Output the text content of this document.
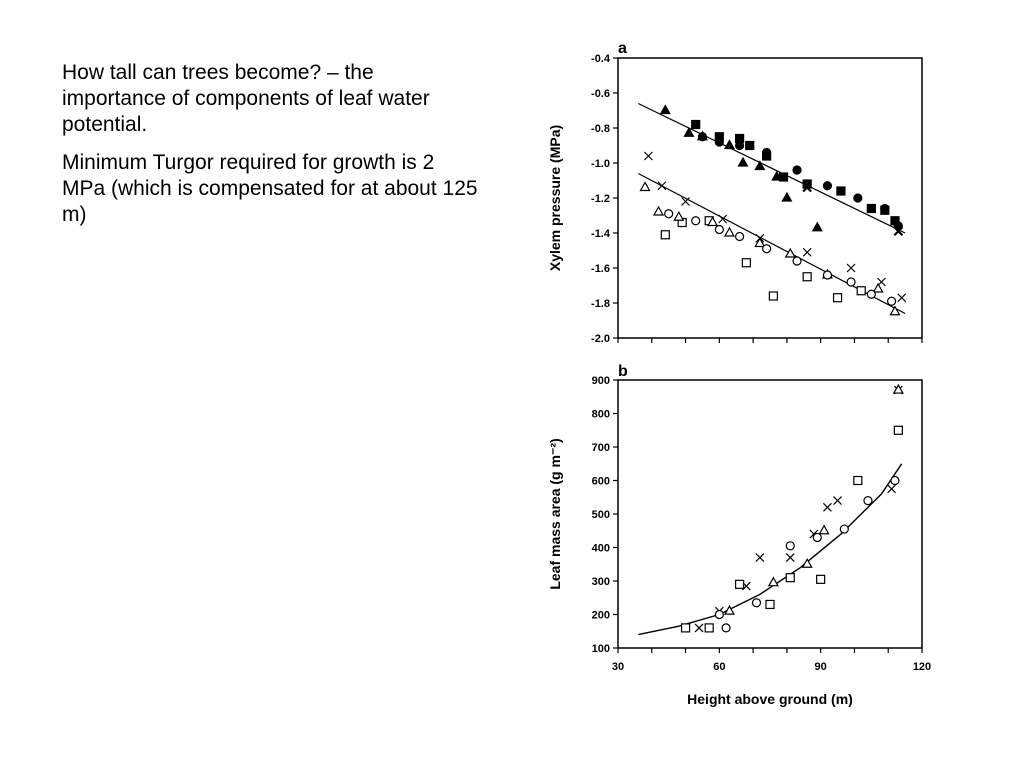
How tall can trees become? – the importance of components of leaf water potential.

Minimum Turgor required for growth is 2 MPa (which is compensated for at about 125 m)

a
-0.4
-0.6
-0.8
-1.0
-1.2
-1.4
-1.6
-1.8
-2.0
Xylem pressure (MPa)
b
100
200
300
400
500
600
700
800
900
30	60	90	120
Leaf mass area (g m⁻²)
Height above ground (m)
